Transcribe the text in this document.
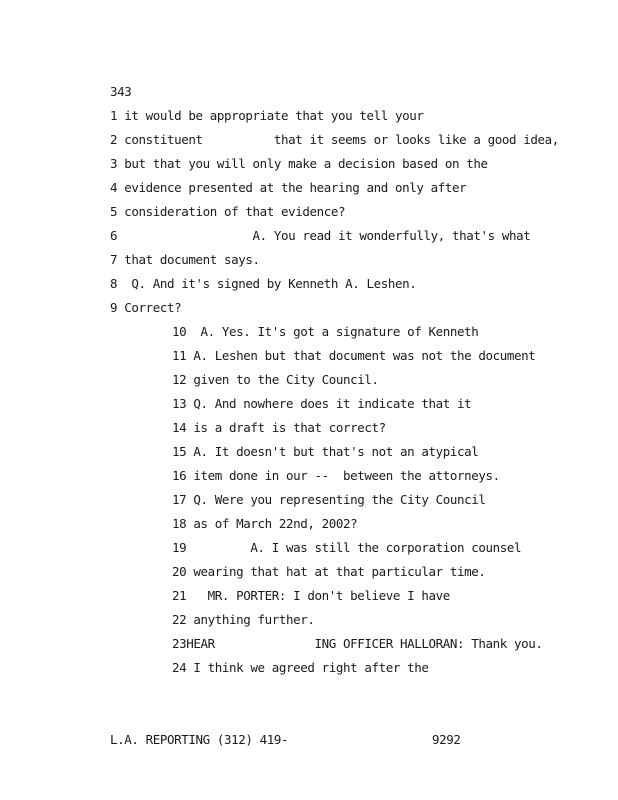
343
1 it would be appropriate that you tell your
2 constituent          that it seems or looks like a good idea,
3 but that you will only make a decision based on the
4 evidence presented at the hearing and only after
5 consideration of that evidence?
6                   A. You read it wonderfully, that's what
7 that document says.
8  Q. And it's signed by Kenneth A. Leshen.
9 Correct?
10  A. Yes. It's got a signature of Kenneth
11 A. Leshen but that document was not the document
12 given to the City Council.
13 Q. And nowhere does it indicate that it
14 is a draft is that correct?
15 A. It doesn't but that's not an atypical
16 item done in our --  between the attorneys.
17 Q. Were you representing the City Council
18 as of March 22nd, 2002?
19         A. I was still the corporation counsel
20 wearing that hat at that particular time.
21   MR. PORTER: I don't believe I have
22 anything further.
23HEAR              ING OFFICER HALLORAN: Thank you.
24 I think we agreed right after the
L.A. REPORTING (312) 419-	9292
